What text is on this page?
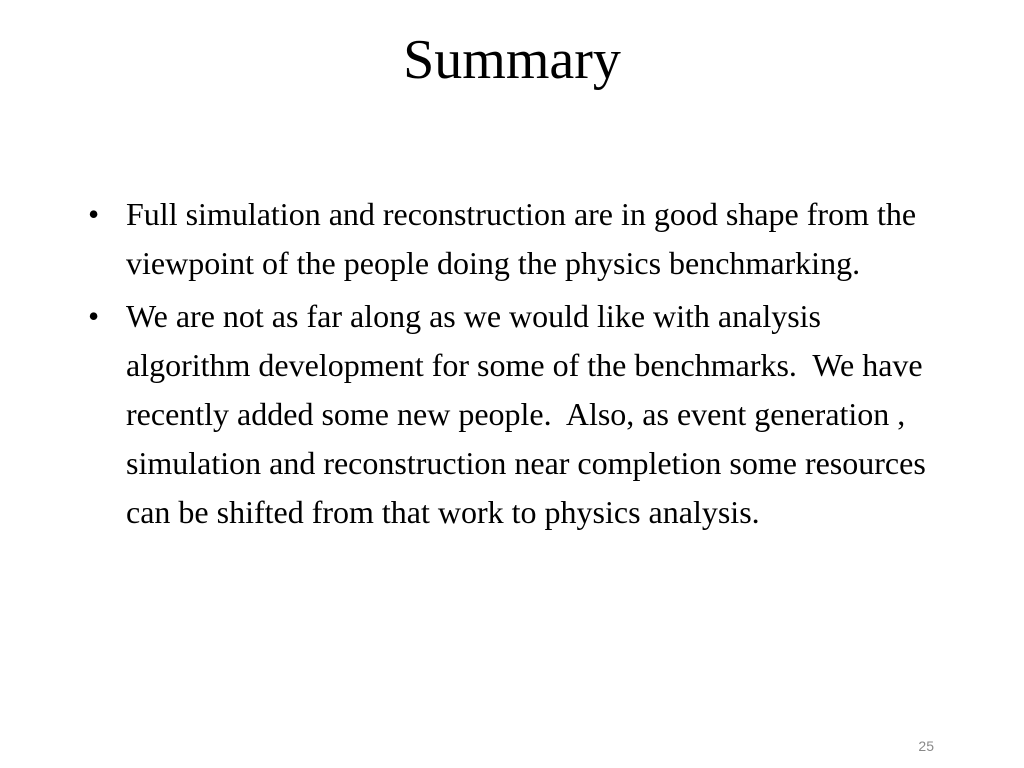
Summary
• Full simulation and reconstruction are in good shape from the viewpoint of the people doing the physics benchmarking.
• We are not as far along as we would like with analysis algorithm development for some of the benchmarks.  We have recently added some new people.  Also, as event generation , simulation and reconstruction near completion some resources can be shifted from that work to physics analysis.
25
